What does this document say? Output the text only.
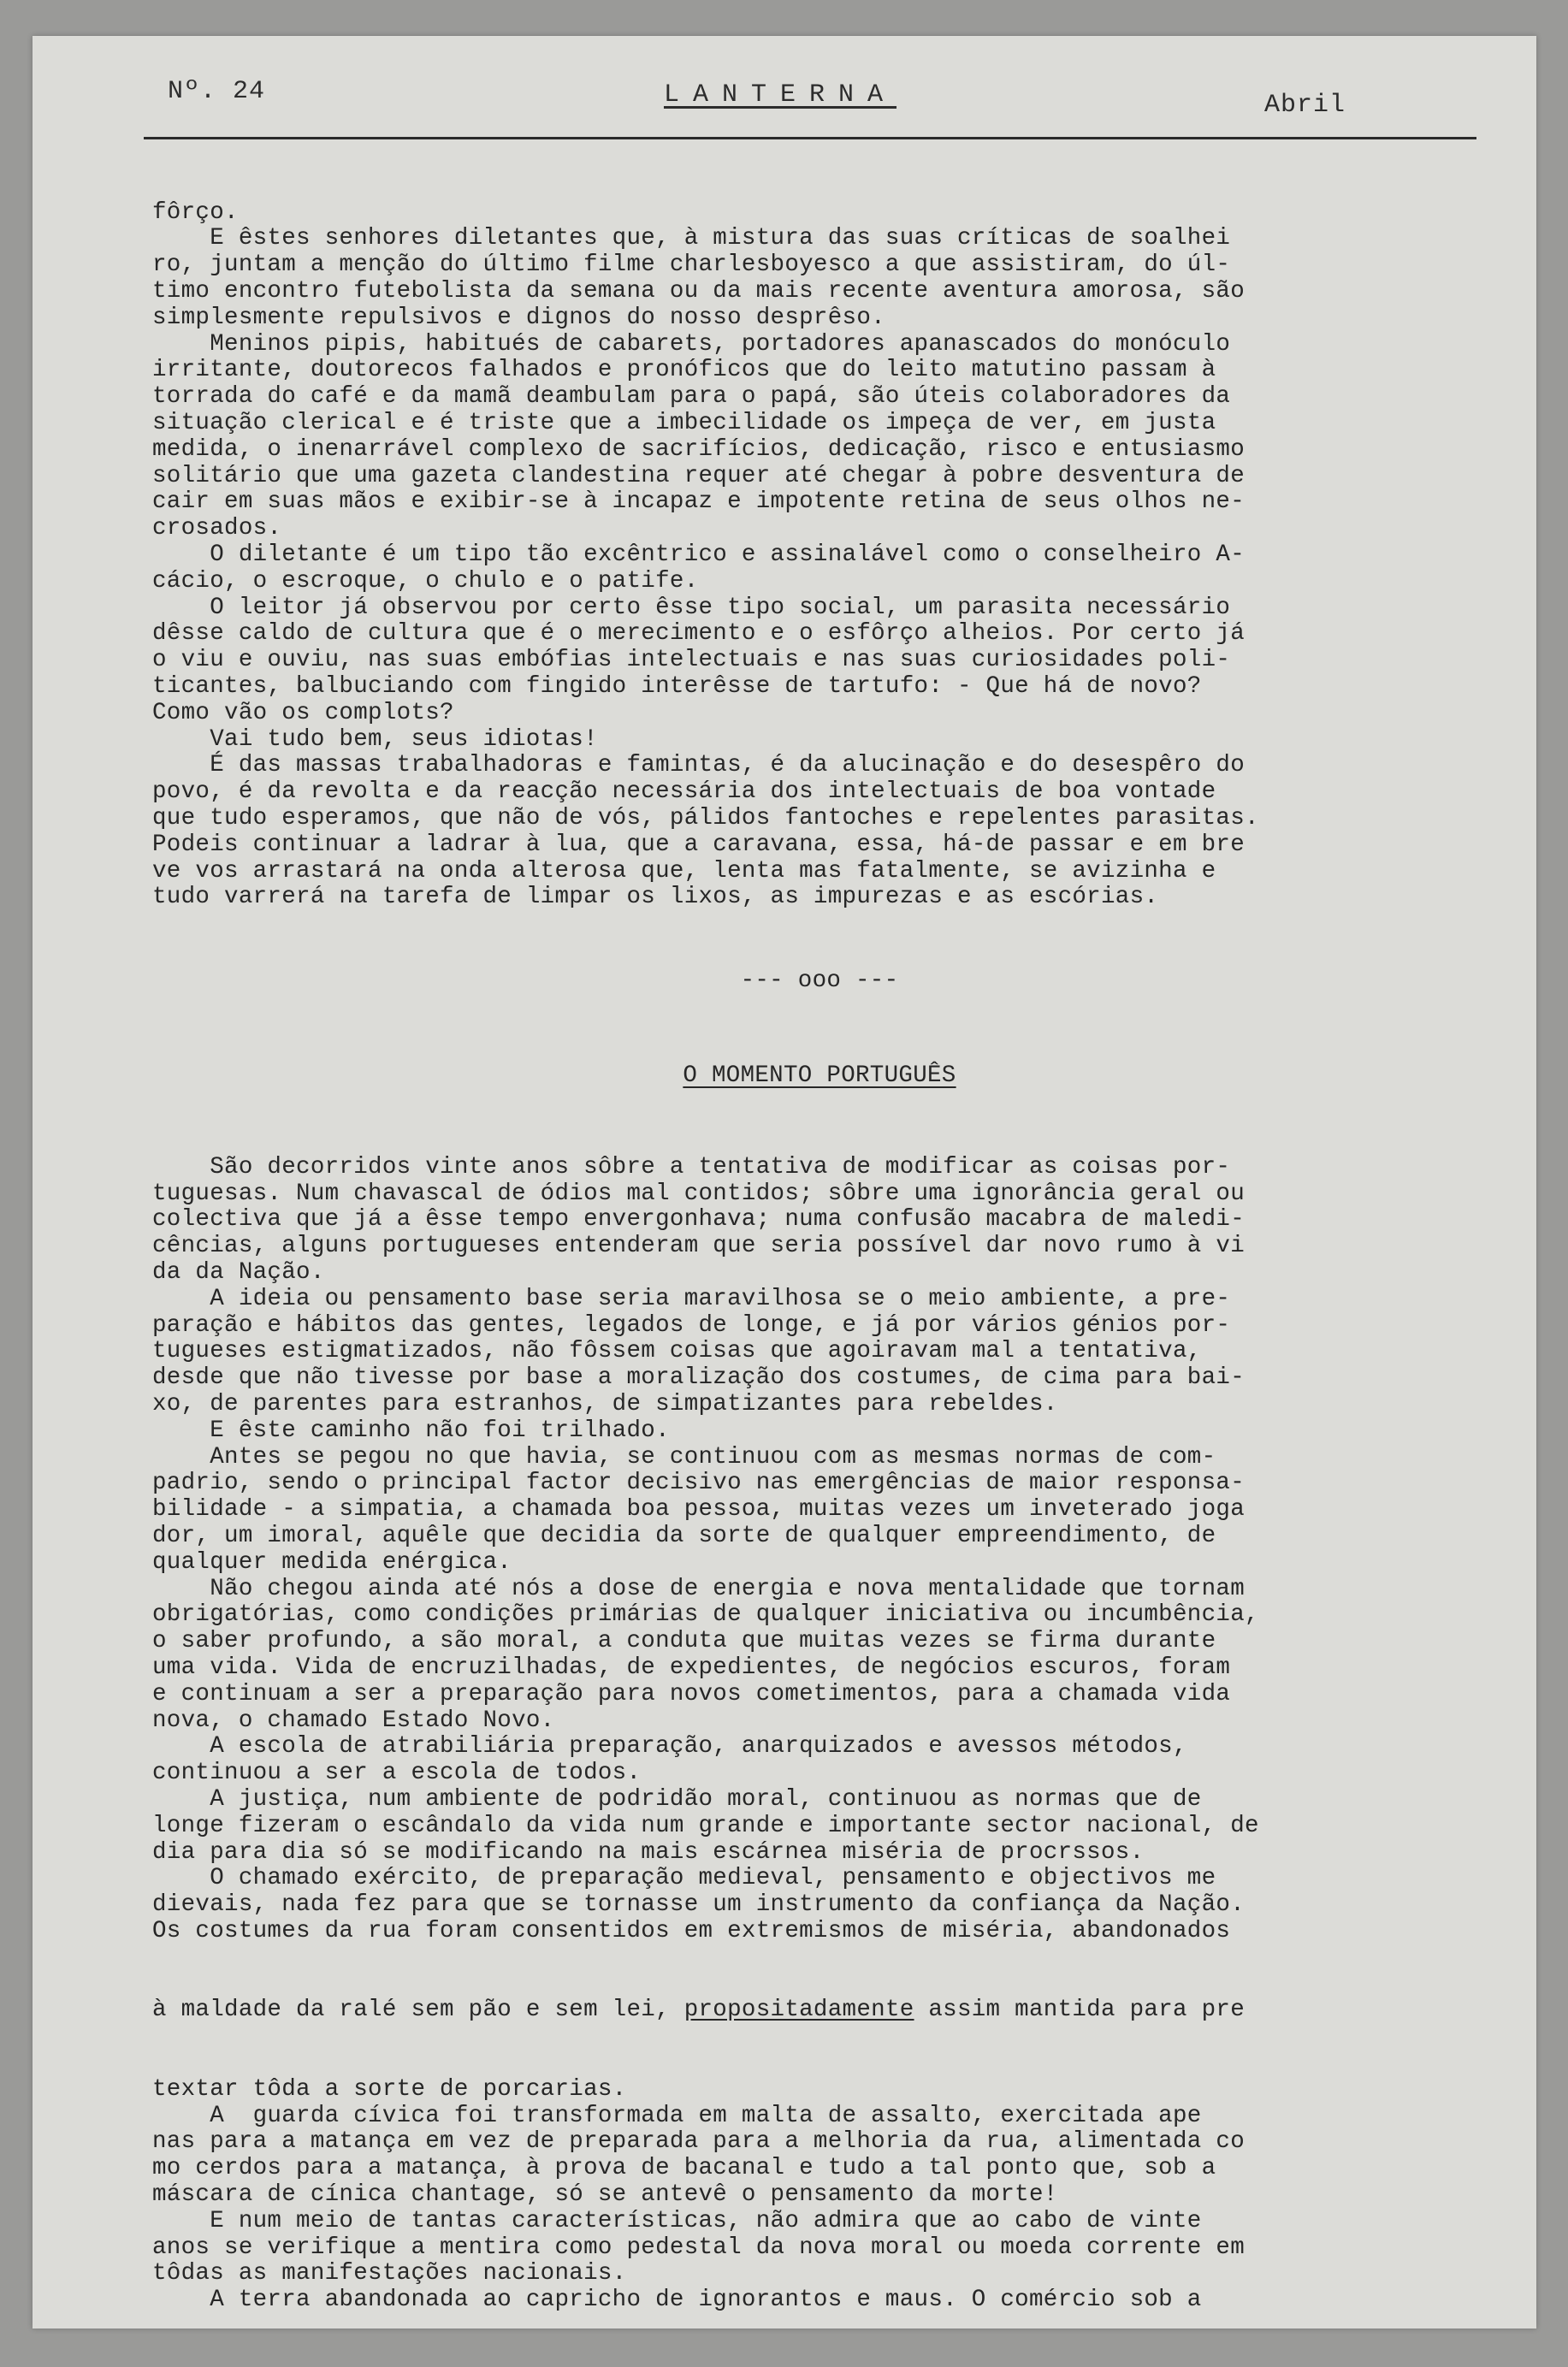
Nº. 24	LANTERNA	Abril

fôrço.
E êstes senhores diletantes que, à mistura das suas críticas de soalhei
ro, juntam a menção do último filme charlesboyesco a que assistiram, do úl-
timo encontro futebolista da semana ou da mais recente aventura amorosa, são
simplesmente repulsivos e dignos do nosso desprêso.
Meninos pipis, habitués de cabarets, portadores apanascados do monóculo
irritante, doutorecos falhados e pronóficos que do leito matutino passam à
torrada do café e da mamã deambulam para o papá, são úteis colaboradores da
situação clerical e é triste que a imbecilidade os impeça de ver, em justa
medida, o inenarrável complexo de sacrifícios, dedicação, risco e entusiasmo
solitário que uma gazeta clandestina requer até chegar à pobre desventura de
cair em suas mãos e exibir-se à incapaz e impotente retina de seus olhos ne-
crosados.
O diletante é um tipo tão excêntrico e assinalável como o conselheiro A-
cácio, o escroque, o chulo e o patife.
O leitor já observou por certo êsse tipo social, um parasita necessário
dêsse caldo de cultura que é o merecimento e o esfôrço alheios. Por certo já
o viu e ouviu, nas suas embófias intelectuais e nas suas curiosidades poli-
ticantes, balbuciando com fingido interêsse de tartufo: - Que há de novo?
Como vão os complots?
Vai tudo bem, seus idiotas!
É das massas trabalhadoras e famintas, é da alucinação e do desespêro do
povo, é da revolta e da reacção necessária dos intelectuais de boa vontade
que tudo esperamos, que não de vós, pálidos fantoches e repelentes parasitas.
Podeis continuar a ladrar à lua, que a caravana, essa, há-de passar e em bre
ve vos arrastará na onda alterosa que, lenta mas fatalmente, se avizinha e
tudo varrerá na tarefa de limpar os lixos, as impurezas e as escórias.

--- ooo ---

O MOMENTO PORTUGUÊS

São decorridos vinte anos sôbre a tentativa de modificar as coisas por-
tuguesas. Num chavascal de ódios mal contidos; sôbre uma ignorância geral ou
colectiva que já a êsse tempo envergonhava; numa confusão macabra de maledi-
cências, alguns portugueses entenderam que seria possível dar novo rumo à vi
da da Nação.
A ideia ou pensamento base seria maravilhosa se o meio ambiente, a pre-
paração e hábitos das gentes, legados de longe, e já por vários génios por-
tugueses estigmatizados, não fôssem coisas que agoiravam mal a tentativa,
desde que não tivesse por base a moralização dos costumes, de cima para bai-
xo, de parentes para estranhos, de simpatizantes para rebeldes.
E êste caminho não foi trilhado.
Antes se pegou no que havia, se continuou com as mesmas normas de com-
padrio, sendo o principal factor decisivo nas emergências de maior responsa-
bilidade - a simpatia, a chamada boa pessoa, muitas vezes um inveterado joga
dor, um imoral, aquêle que decidia da sorte de qualquer empreendimento, de
qualquer medida enérgica.
Não chegou ainda até nós a dose de energia e nova mentalidade que tornam
obrigatórias, como condições primárias de qualquer iniciativa ou incumbência,
o saber profundo, a são moral, a conduta que muitas vezes se firma durante
uma vida. Vida de encruzilhadas, de expedientes, de negócios escuros, foram
e continuam a ser a preparação para novos cometimentos, para a chamada vida
nova, o chamado Estado Novo.
A escola de atrabiliária preparação, anarquizados e avessos métodos,
continuou a ser a escola de todos.
A justiça, num ambiente de podridão moral, continuou as normas que de
longe fizeram o escândalo da vida num grande e importante sector nacional, de
dia para dia só se modificando na mais escárnea miséria de procrssos.
O chamado exército, de preparação medieval, pensamento e objectivos me
dievais, nada fez para que se tornasse um instrumento da confiança da Nação.
Os costumes da rua foram consentidos em extremismos de miséria, abandonados

à maldade da ralé sem pão e sem lei, propositadamente assim mantida para pre

textar tôda a sorte de porcarias.
A  guarda cívica foi transformada em malta de assalto, exercitada ape
nas para a matança em vez de preparada para a melhoria da rua, alimentada co
mo cerdos para a matança, à prova de bacanal e tudo a tal ponto que, sob a
máscara de cínica chantage, só se antevê o pensamento da morte!
E num meio de tantas características, não admira que ao cabo de vinte
anos se verifique a mentira como pedestal da nova moral ou moeda corrente em
tôdas as manifestações nacionais.
A terra abandonada ao capricho de ignorantos e maus. O comércio sob a
